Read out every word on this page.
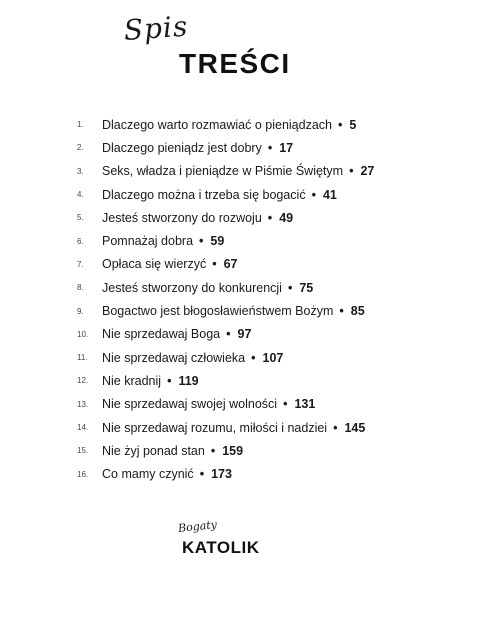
Spis
TREŚCI
1.	Dlaczego warto rozmawiać o pieniądzach • 5
2.	Dlaczego pieniądz jest dobry • 17
3.	Seks, władza i pieniądze w Piśmie Świętym • 27
4.	Dlaczego można i trzeba się bogacić • 41
5.	Jesteś stworzony do rozwoju • 49
6.	Pomnażaj dobra • 59
7.	Opłaca się wierzyć • 67
8.	Jesteś stworzony do konkurencji • 75
9.	Bogactwo jest błogosławieństwem Bożym • 85
10.	Nie sprzedawaj Boga • 97
11.	Nie sprzedawaj człowieka • 107
12.	Nie kradnij • 119
13.	Nie sprzedawaj swojej wolności • 131
14.	Nie sprzedawaj rozumu, miłości i nadziei • 145
15.	Nie żyj ponad stan • 159
16.	Co mamy czynić • 173
Bogaty
KATOLIK
